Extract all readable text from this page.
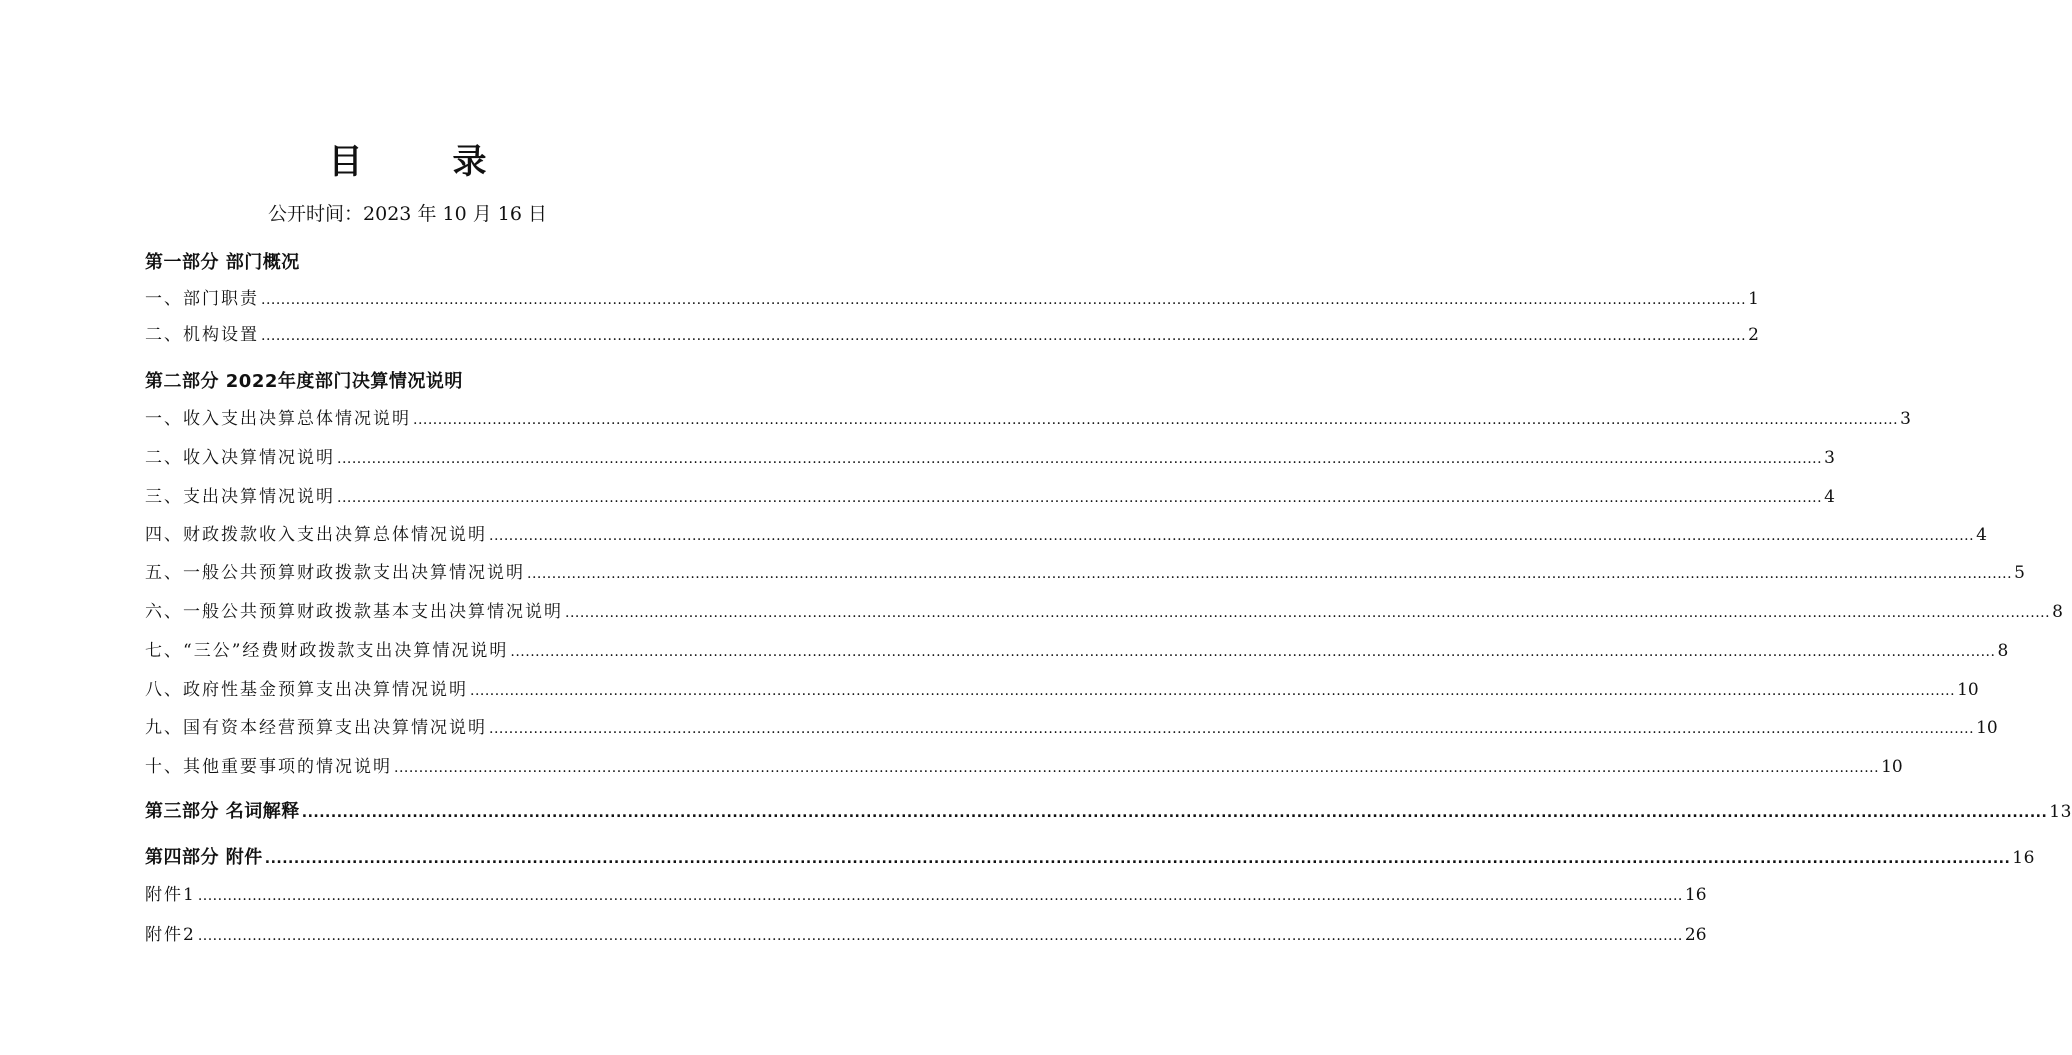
目　录
公开时间：2023 年 10 月 16 日
第一部分 部门概况
一、部门职责 ............................................................................................................................................................................................................................................................................................................ 1
二、机构设置 ............................................................................................................................................................................................................................................................................................................ 2
第二部分 2022年度部门决算情况说明
一、收入支出决算总体情况说明 ............................................................................................................................................................................................................................................................................................................ 3
二、收入决算情况说明 ............................................................................................................................................................................................................................................................................................................ 3
三、支出决算情况说明 ............................................................................................................................................................................................................................................................................................................ 4
四、财政拨款收入支出决算总体情况说明 ............................................................................................................................................................................................................................................................................................................ 4
五、一般公共预算财政拨款支出决算情况说明 ............................................................................................................................................................................................................................................................................................................ 5
六、一般公共预算财政拨款基本支出决算情况说明 ............................................................................................................................................................................................................................................................................................................ 8
七、“三公”经费财政拨款支出决算情况说明 ............................................................................................................................................................................................................................................................................................................ 8
八、政府性基金预算支出决算情况说明 ............................................................................................................................................................................................................................................................................................................ 10
九、国有资本经营预算支出决算情况说明 ............................................................................................................................................................................................................................................................................................................ 10
十、其他重要事项的情况说明 ............................................................................................................................................................................................................................................................................................................ 10
第三部分 名词解释 ............................................................................................................................................................................................................................................................................................................ 13
第四部分 附件 ............................................................................................................................................................................................................................................................................................................ 16
附件1 ............................................................................................................................................................................................................................................................................................................ 16
附件2 ............................................................................................................................................................................................................................................................................................................ 26
